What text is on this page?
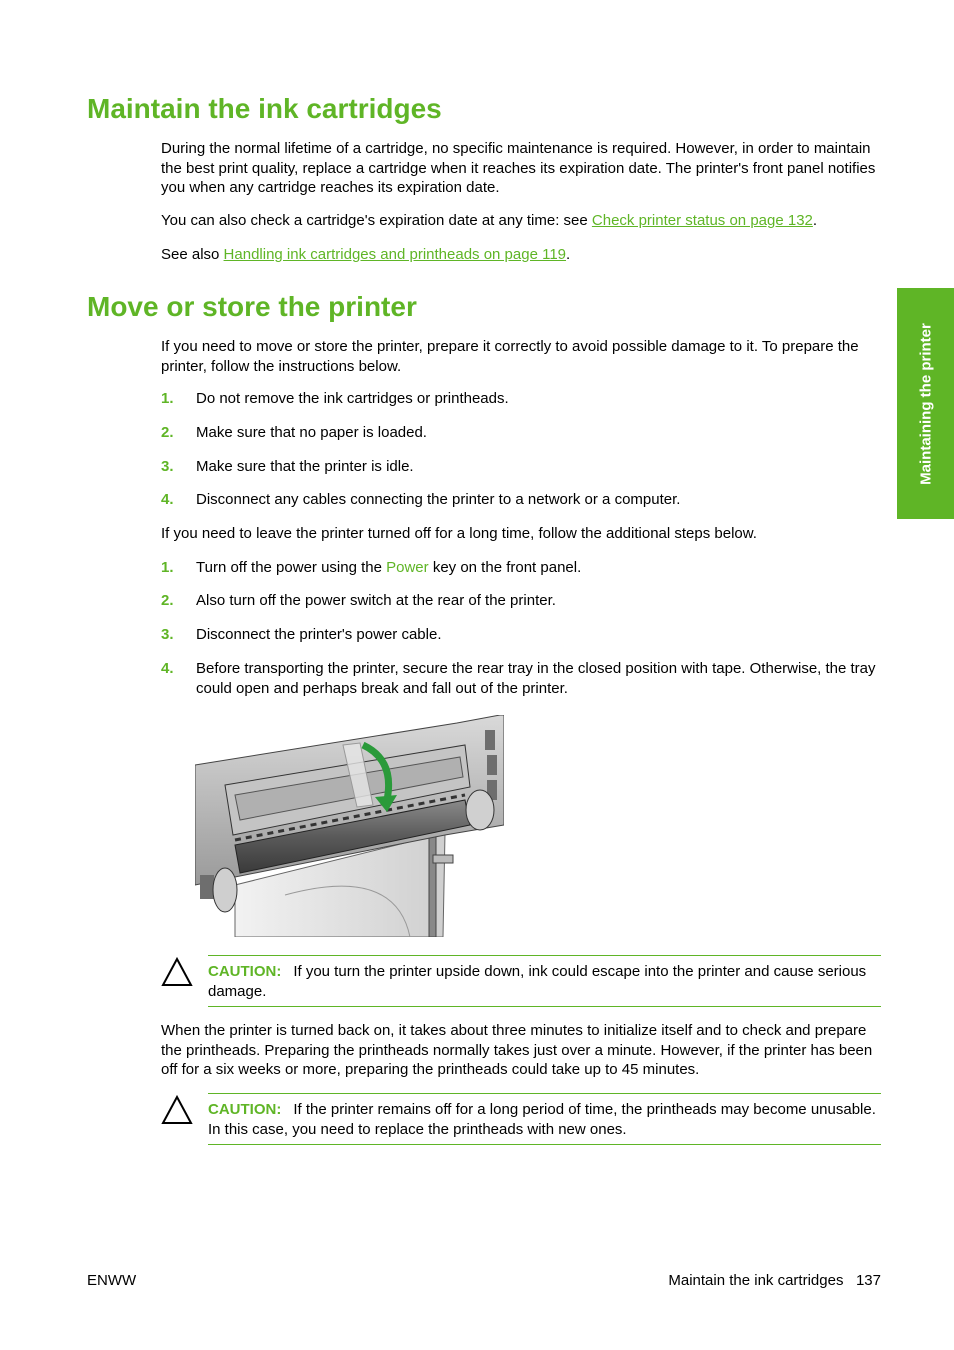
Maintain the ink cartridges

During the normal lifetime of a cartridge, no specific maintenance is required. However, in order to maintain the best print quality, replace a cartridge when it reaches its expiration date. The printer's front panel notifies you when any cartridge reaches its expiration date.

You can also check a cartridge's expiration date at any time: see Check printer status on page 132.

See also Handling ink cartridges and printheads on page 119.

Move or store the printer

If you need to move or store the printer, prepare it correctly to avoid possible damage to it. To prepare the printer, follow the instructions below.

1. Do not remove the ink cartridges or printheads.
2. Make sure that no paper is loaded.
3. Make sure that the printer is idle.
4. Disconnect any cables connecting the printer to a network or a computer.

If you need to leave the printer turned off for a long time, follow the additional steps below.

1. Turn off the power using the Power key on the front panel.
2. Also turn off the power switch at the rear of the printer.
3. Disconnect the printer's power cable.
4. Before transporting the printer, secure the rear tray in the closed position with tape. Otherwise, the tray could open and perhaps break and fall out of the printer.
CAUTION: If you turn the printer upside down, ink could escape into the printer and cause serious damage.

When the printer is turned back on, it takes about three minutes to initialize itself and to check and prepare the printheads. Preparing the printheads normally takes just over a minute. However, if the printer has been off for a six weeks or more, preparing the printheads could take up to 45 minutes.

CAUTION: If the printer remains off for a long period of time, the printheads may become unusable. In this case, you need to replace the printheads with new ones.
Maintaining the printer
ENWW	Maintain the ink cartridges 137
